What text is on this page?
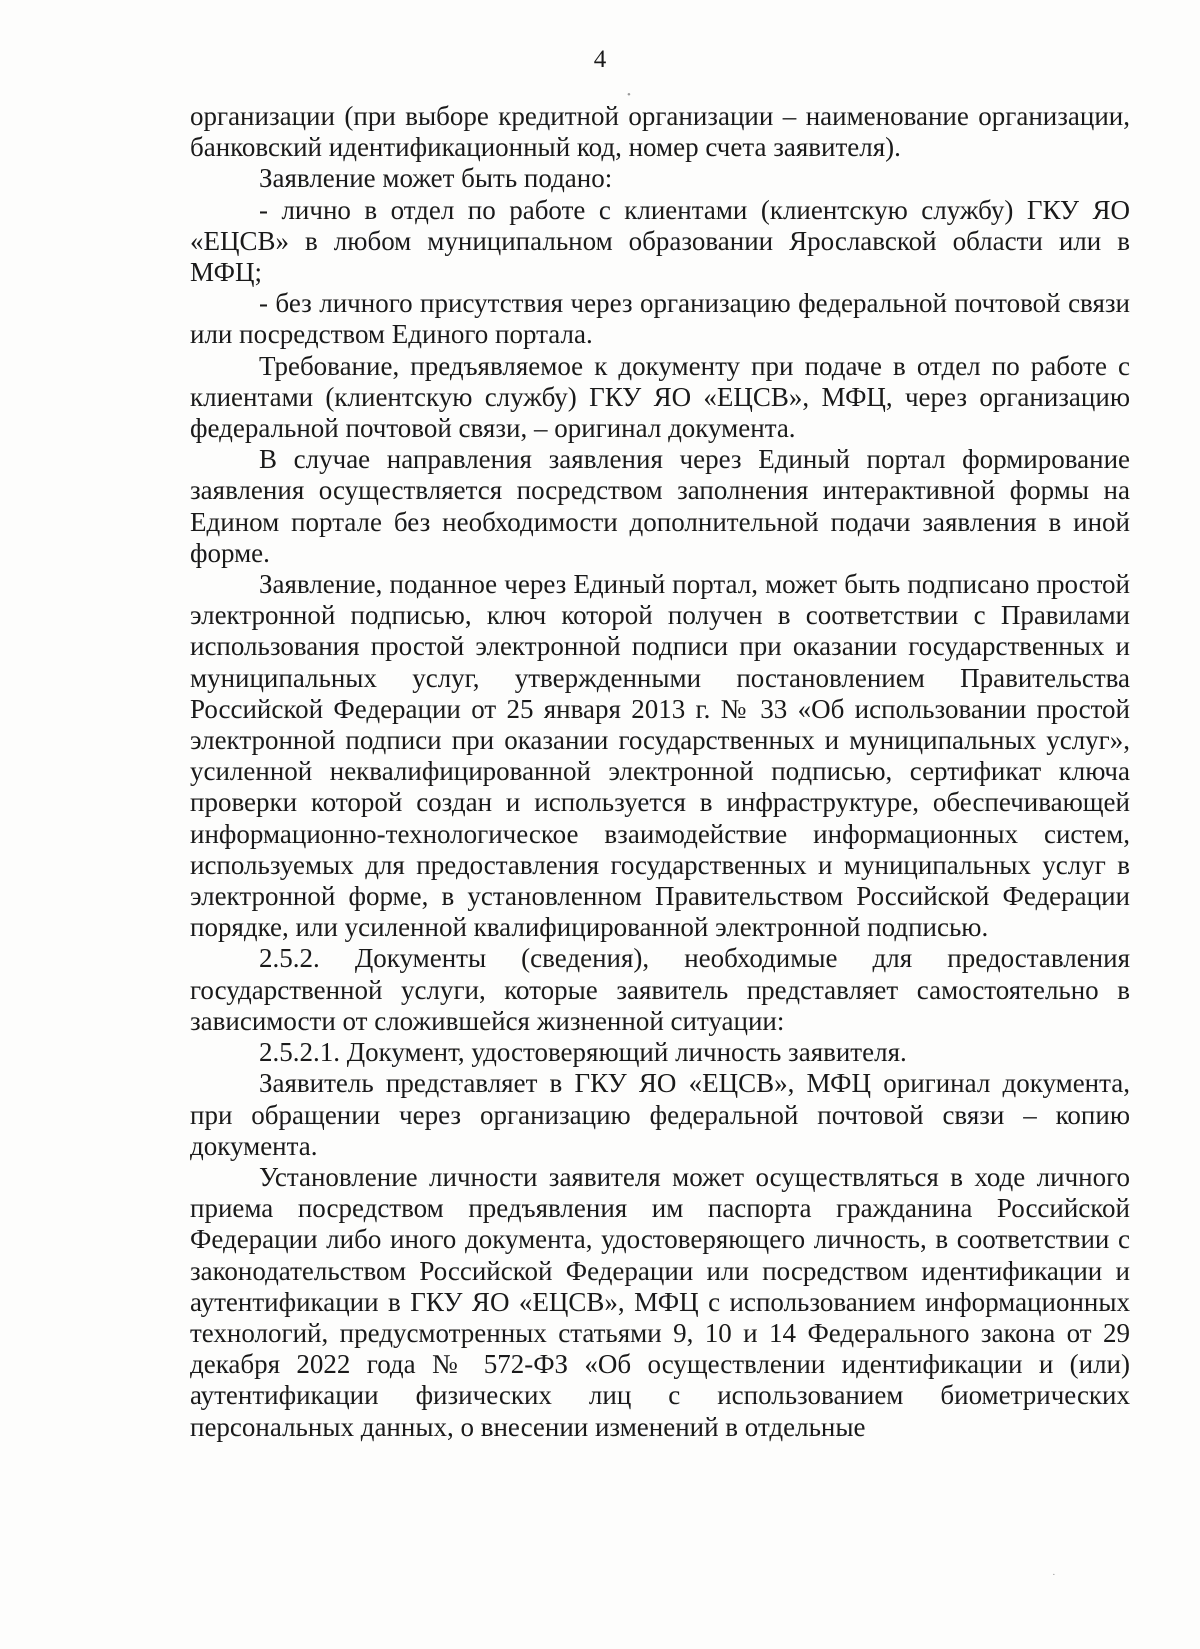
4
•
·

организации (при выборе кредитной организации – наименование организации, банковский идентификационный код, номер счета заявителя).

Заявление может быть подано:

- лично в отдел по работе с клиентами (клиентскую службу) ГКУ ЯО «ЕЦСВ» в любом муниципальном образовании Ярославской области или в МФЦ;

- без личного присутствия через организацию федеральной почтовой связи или посредством Единого портала.

Требование, предъявляемое к документу при подаче в отдел по работе с клиентами (клиентскую службу) ГКУ ЯО «ЕЦСВ», МФЦ, через организацию федеральной почтовой связи, – оригинал документа.

В случае направления заявления через Единый портал формирование заявления осуществляется посредством заполнения интерактивной формы на Едином портале без необходимости дополнительной подачи заявления в иной форме.

Заявление, поданное через Единый портал, может быть подписано простой электронной подписью, ключ которой получен в соответствии с Правилами использования простой электронной подписи при оказании государственных и муниципальных услуг, утвержденными постановлением Правительства Российской Федерации от 25 января 2013 г. № 33 «Об использовании простой электронной подписи при оказании государственных и муниципальных услуг», усиленной неквалифицированной электронной подписью, сертификат ключа проверки которой создан и используется в инфраструктуре, обеспечивающей информационно-технологическое взаимодействие информационных систем, используемых для предоставления государственных и муниципальных услуг в электронной форме, в установленном Правительством Российской Федерации порядке, или усиленной квалифицированной электронной подписью.

2.5.2. Документы (сведения), необходимые для предоставления государственной услуги, которые заявитель представляет самостоятельно в зависимости от сложившейся жизненной ситуации:

2.5.2.1. Документ, удостоверяющий личность заявителя.

Заявитель представляет в ГКУ ЯО «ЕЦСВ», МФЦ оригинал документа, при обращении через организацию федеральной почтовой связи – копию документа.

Установление личности заявителя может осуществляться в ходе личного приема посредством предъявления им паспорта гражданина Российской Федерации либо иного документа, удостоверяющего личность, в соответствии с законодательством Российской Федерации или посредством идентификации и аутентификации в ГКУ ЯО «ЕЦСВ», МФЦ с использованием информационных технологий, предусмотренных статьями 9, 10 и 14 Федерального закона от 29 декабря 2022 года № 572-ФЗ «Об осуществлении идентификации и (или) аутентификации физических лиц с использованием биометрических персональных данных, о внесении изменений в отдельные
